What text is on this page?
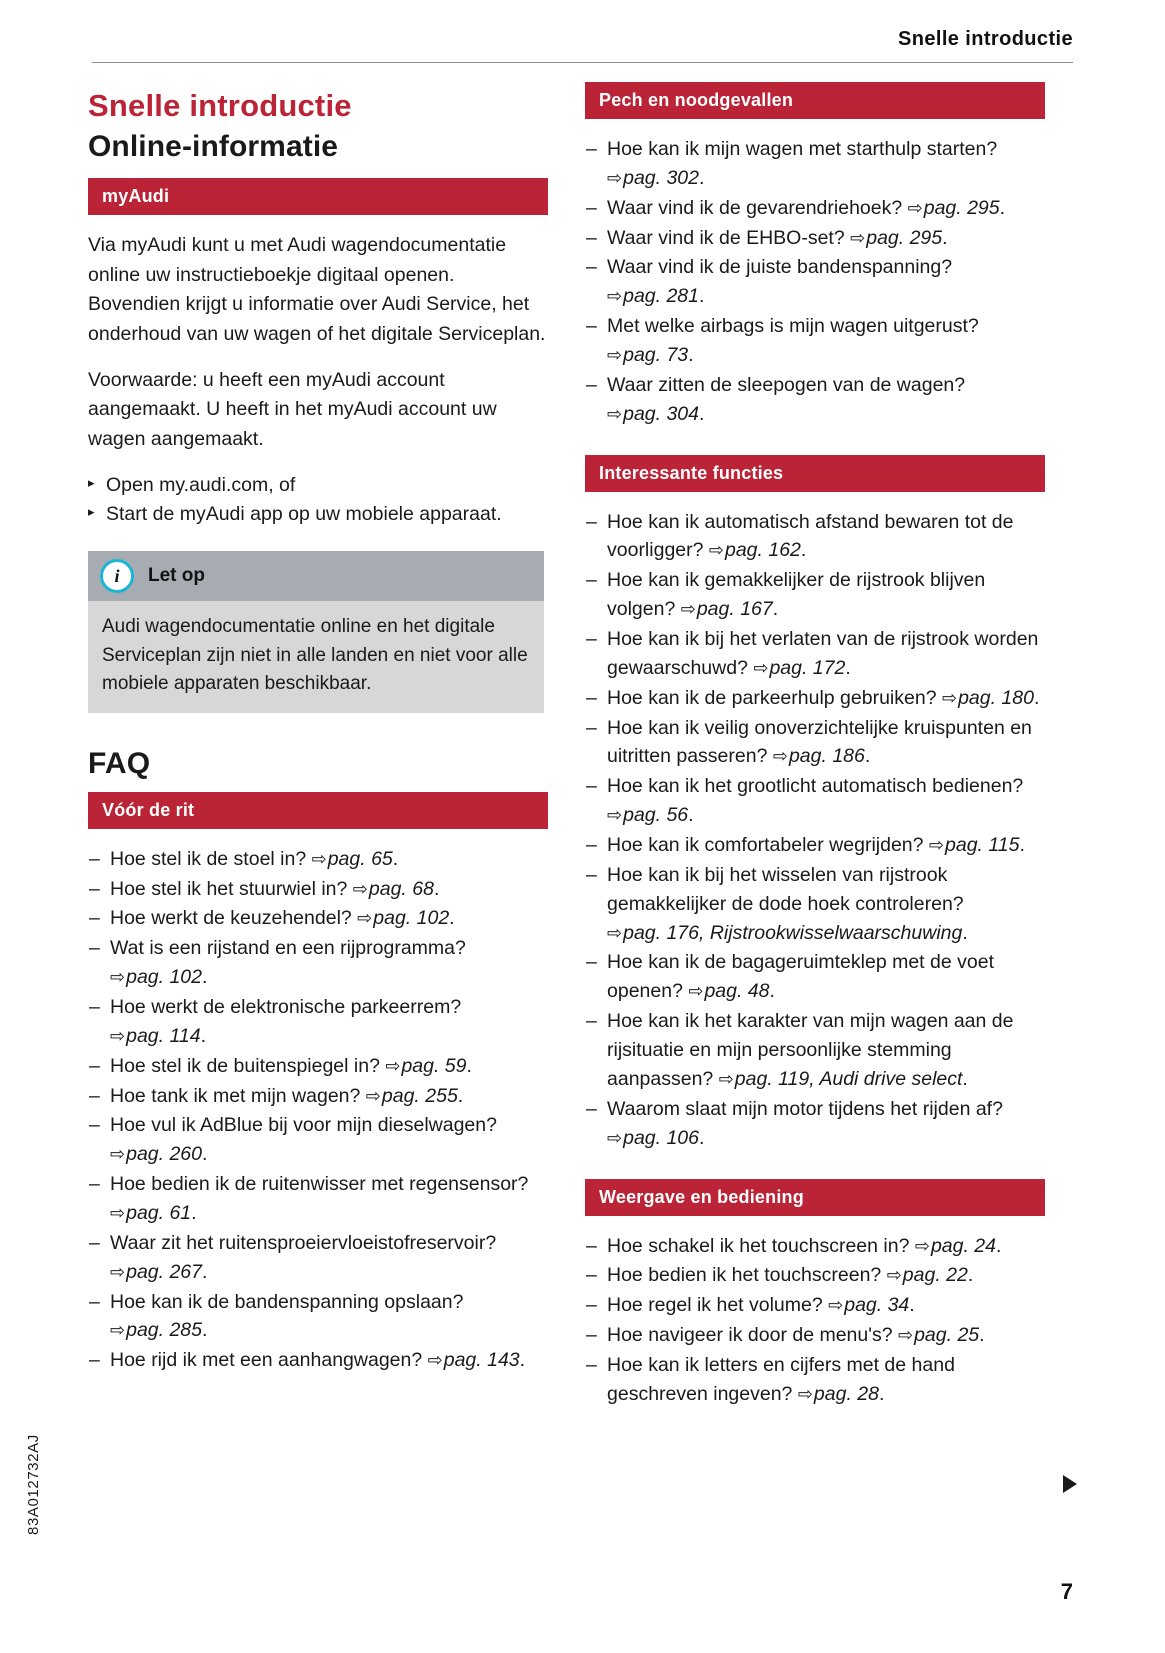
Snelle introductie
Snelle introductie
Online-informatie
myAudi

Via myAudi kunt u met Audi wagendocumentatie online uw instructieboekje digitaal openen. Bovendien krijgt u informatie over Audi Service, het onderhoud van uw wagen of het digitale Serviceplan.

Voorwaarde: u heeft een myAudi account aangemaakt. U heeft in het myAudi account uw wagen aangemaakt.

▸ Open my.audi.com, of
▸ Start de myAudi app op uw mobiele apparaat.
i	Let op
Audi wagendocumentatie online en het digitale Serviceplan zijn niet in alle landen en niet voor alle mobiele apparaten beschikbaar.
FAQ
Vóór de rit
– Hoe stel ik de stoel in? ⇨pag. 65.
– Hoe stel ik het stuurwiel in? ⇨pag. 68.
– Hoe werkt de keuzehendel? ⇨pag. 102.
– Wat is een rijstand en een rijprogramma? ⇨pag. 102.
– Hoe werkt de elektronische parkeerrem? ⇨pag. 114.
– Hoe stel ik de buitenspiegel in? ⇨pag. 59.
– Hoe tank ik met mijn wagen? ⇨pag. 255.
– Hoe vul ik AdBlue bij voor mijn dieselwagen? ⇨pag. 260.
– Hoe bedien ik de ruitenwisser met regensensor? ⇨pag. 61.
– Waar zit het ruitensproeiervloeistofreservoir? ⇨pag. 267.
– Hoe kan ik de bandenspanning opslaan? ⇨pag. 285.
– Hoe rijd ik met een aanhangwagen? ⇨pag. 143.
Pech en noodgevallen
– Hoe kan ik mijn wagen met starthulp starten? ⇨pag. 302.
– Waar vind ik de gevarendriehoek? ⇨pag. 295.
– Waar vind ik de EHBO-set? ⇨pag. 295.
– Waar vind ik de juiste bandenspanning? ⇨pag. 281.
– Met welke airbags is mijn wagen uitgerust? ⇨pag. 73.
– Waar zitten de sleepogen van de wagen? ⇨pag. 304.
Interessante functies
– Hoe kan ik automatisch afstand bewaren tot de voorligger? ⇨pag. 162.
– Hoe kan ik gemakkelijker de rijstrook blijven volgen? ⇨pag. 167.
– Hoe kan ik bij het verlaten van de rijstrook worden gewaarschuwd? ⇨pag. 172.
– Hoe kan ik de parkeerhulp gebruiken? ⇨pag. 180.
– Hoe kan ik veilig onoverzichtelijke kruispunten en uitritten passeren? ⇨pag. 186.
– Hoe kan ik het grootlicht automatisch bedienen? ⇨pag. 56.
– Hoe kan ik comfortabeler wegrijden? ⇨pag. 115.
– Hoe kan ik bij het wisselen van rijstrook gemakkelijker de dode hoek controleren? ⇨pag. 176, Rijstrookwisselwaarschuwing.
– Hoe kan ik de bagageruimteklep met de voet openen? ⇨pag. 48.
– Hoe kan ik het karakter van mijn wagen aan de rijsituatie en mijn persoonlijke stemming aanpassen? ⇨pag. 119, Audi drive select.
– Waarom slaat mijn motor tijdens het rijden af? ⇨pag. 106.
Weergave en bediening
– Hoe schakel ik het touchscreen in? ⇨pag. 24.
– Hoe bedien ik het touchscreen? ⇨pag. 22.
– Hoe regel ik het volume? ⇨pag. 34.
– Hoe navigeer ik door de menu's? ⇨pag. 25.
– Hoe kan ik letters en cijfers met de hand geschreven ingeven? ⇨pag. 28.
83A012732AJ
7
